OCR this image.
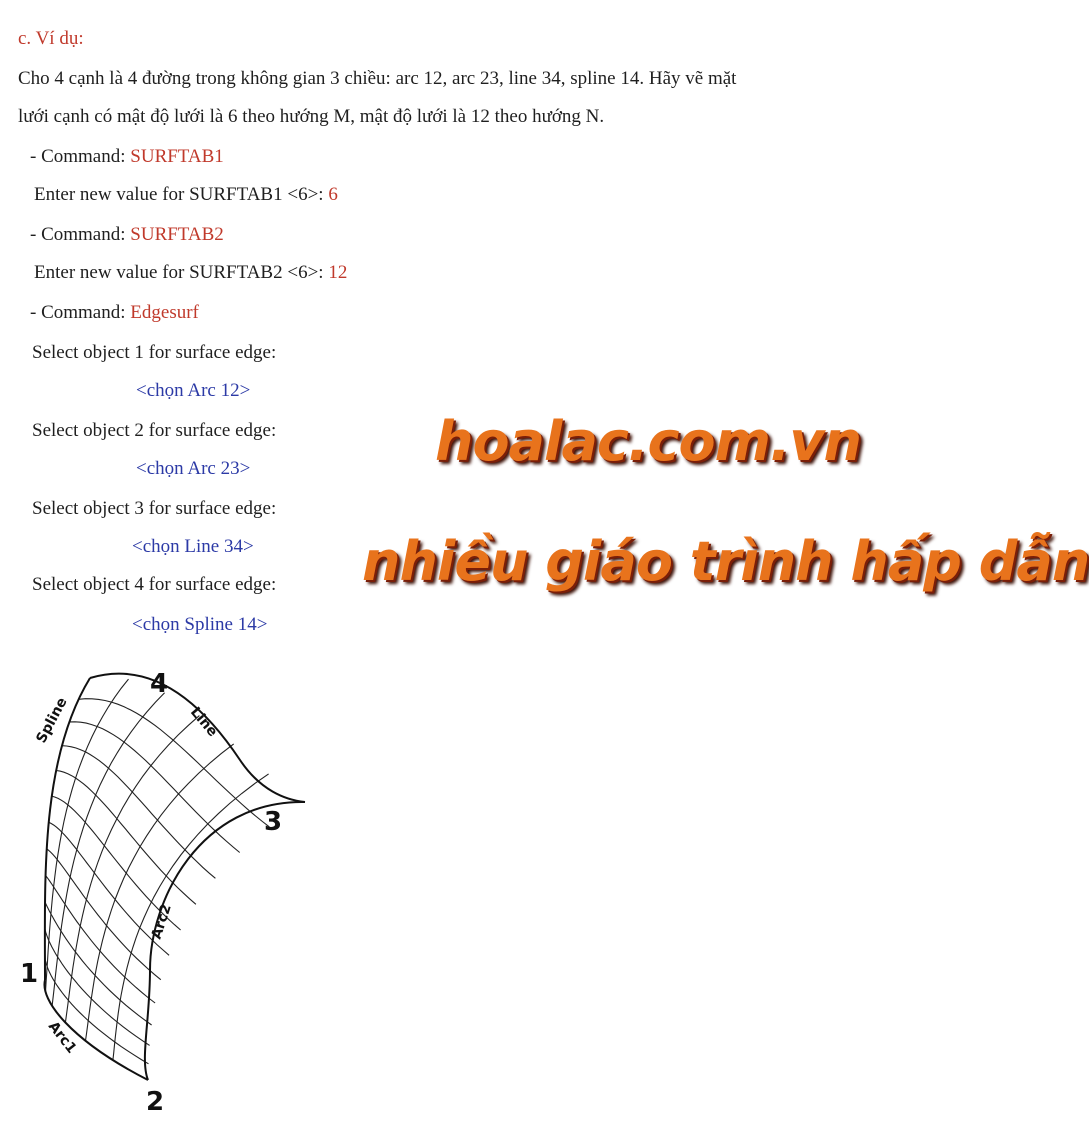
c. Ví dụ:
Cho 4 cạnh là 4 đường trong không gian 3 chiều: arc 12, arc 23, line 34, spline 14. Hãy vẽ mặt
lưới cạnh có mật độ lưới là 6 theo hướng M, mật độ lưới là 12 theo hướng N.
- Command: SURFTAB1
Enter new value for SURFTAB1 <6>: 6
- Command: SURFTAB2
Enter new value for SURFTAB2 <6>: 12
- Command: Edgesurf
Select object 1 for surface edge:
<chọn Arc 12>
Select object 2 for surface edge:
<chọn Arc 23>
Select object 3 for surface edge:
<chọn Line 34>
Select object 4 for surface edge:
<chọn Spline 14>
hoalac.com.vn
nhiều giáo trình hấp dẫn
4
3
1
2
Spline	Line
Arc2
Arc1
